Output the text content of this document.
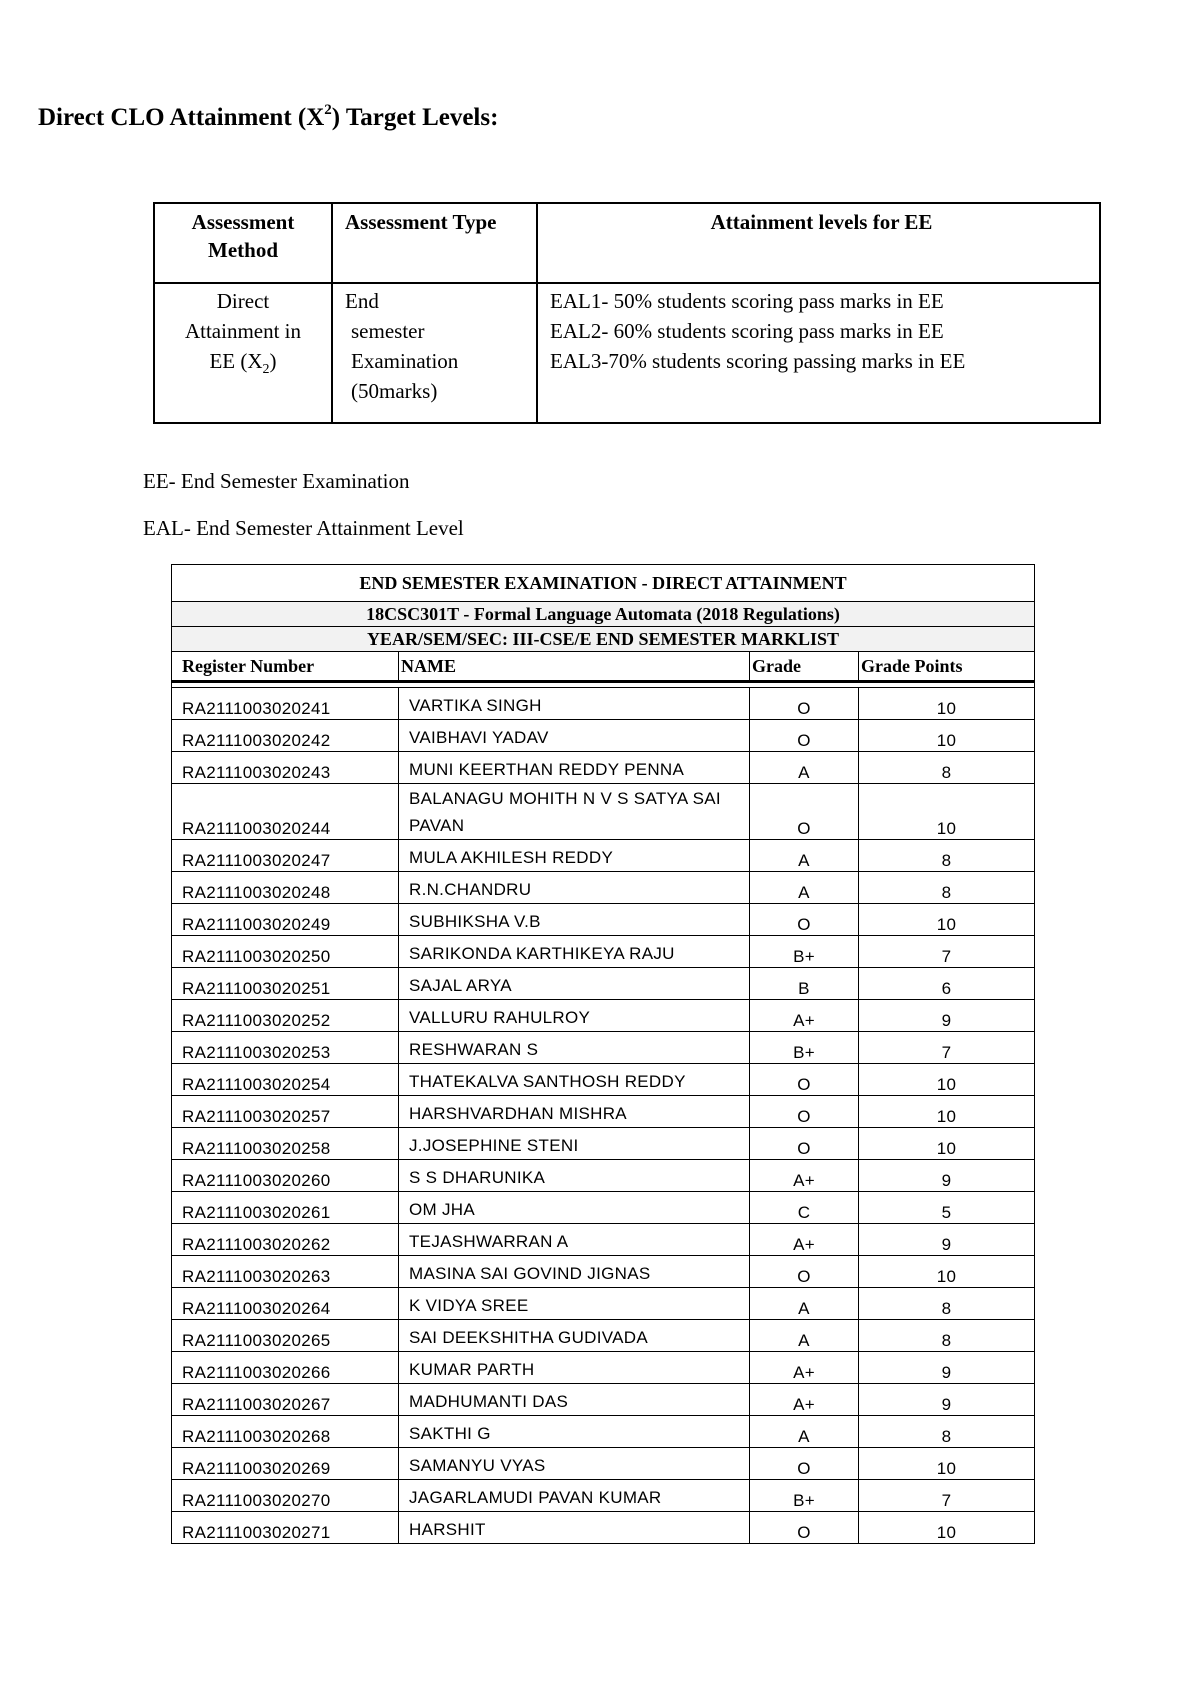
Direct CLO Attainment $(X^2)$ Target Levels:
Assessment Method	Assessment Type	Attainment levels for EE

Direct
Attainment in
EE $(X_2)$	End
semester
Examination
(50marks)	EAL1- 50% students scoring pass marks in EE
EAL2- 60% students scoring pass marks in EE
EAL3-70% students scoring passing marks in EE
EE- End Semester Examination
EAL- End Semester Attainment Level
END SEMESTER EXAMINATION - DIRECT ATTAINMENT			
18CSC301T - Formal Language Automata (2018 Regulations)			
YEAR/SEM/SEC: III-CSE/E END SEMESTER MARKLIST			
Register Number	NAME	Grade	Grade Points

RA2111003020241	VARTIKA SINGH	O	10
RA2111003020242	VAIBHAVI YADAV	O	10
RA2111003020243	MUNI KEERTHAN REDDY PENNA	A	8
RA2111003020244	BALANAGU MOHITH N V S SATYA SAI PAVAN	O	10
RA2111003020247	MULA AKHILESH REDDY	A	8
RA2111003020248	R.N.CHANDRU	A	8
RA2111003020249	SUBHIKSHA V.B	O	10
RA2111003020250	SARIKONDA KARTHIKEYA RAJU	B+	7
RA2111003020251	SAJAL ARYA	B	6
RA2111003020252	VALLURU RAHULROY	A+	9
RA2111003020253	RESHWARAN S	B+	7
RA2111003020254	THATEKALVA SANTHOSH REDDY	O	10
RA2111003020257	HARSHVARDHAN MISHRA	O	10
RA2111003020258	J.JOSEPHINE STENI	O	10
RA2111003020260	S S DHARUNIKA	A+	9
RA2111003020261	OM JHA	C	5
RA2111003020262	TEJASHWARRAN A	A+	9
RA2111003020263	MASINA SAI GOVIND JIGNAS	O	10
RA2111003020264	K VIDYA SREE	A	8
RA2111003020265	SAI DEEKSHITHA GUDIVADA	A	8
RA2111003020266	KUMAR PARTH	A+	9
RA2111003020267	MADHUMANTI DAS	A+	9
RA2111003020268	SAKTHI G	A	8
RA2111003020269	SAMANYU VYAS	O	10
RA2111003020270	JAGARLAMUDI PAVAN KUMAR	B+	7
RA2111003020271	HARSHIT	O	10
